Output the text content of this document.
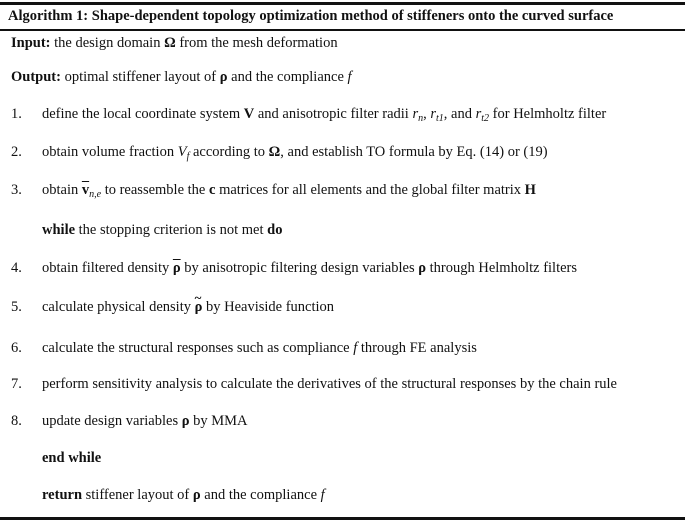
Algorithm 1: Shape-dependent topology optimization method of stiffeners onto the curved surface
Input: the design domain Ω from the mesh deformation
Output: optimal stiffener layout of ρ and the compliance f
1. define the local coordinate system V and anisotropic filter radii $r_n$, $r_{t1}$, and $r_{t2}$ for Helmholtz filter
2. obtain volume fraction $V_f$ according to Ω, and establish TO formula by Eq. (14) or (19)
3. obtain $\overline{v}_{n,e}$ to reassemble the c matrices for all elements and the global filter matrix H
while the stopping criterion is not met do
4. obtain filtered density $\overline{\rho}$ by anisotropic filtering design variables ρ through Helmholtz filters
5. calculate physical density ~ ρ by Heaviside function
6. calculate the structural responses such as compliance f through FE analysis
7. perform sensitivity analysis to calculate the derivatives of the structural responses by the chain rule
8. update design variables ρ by MMA
end while
return stiffener layout of ρ and the compliance f
